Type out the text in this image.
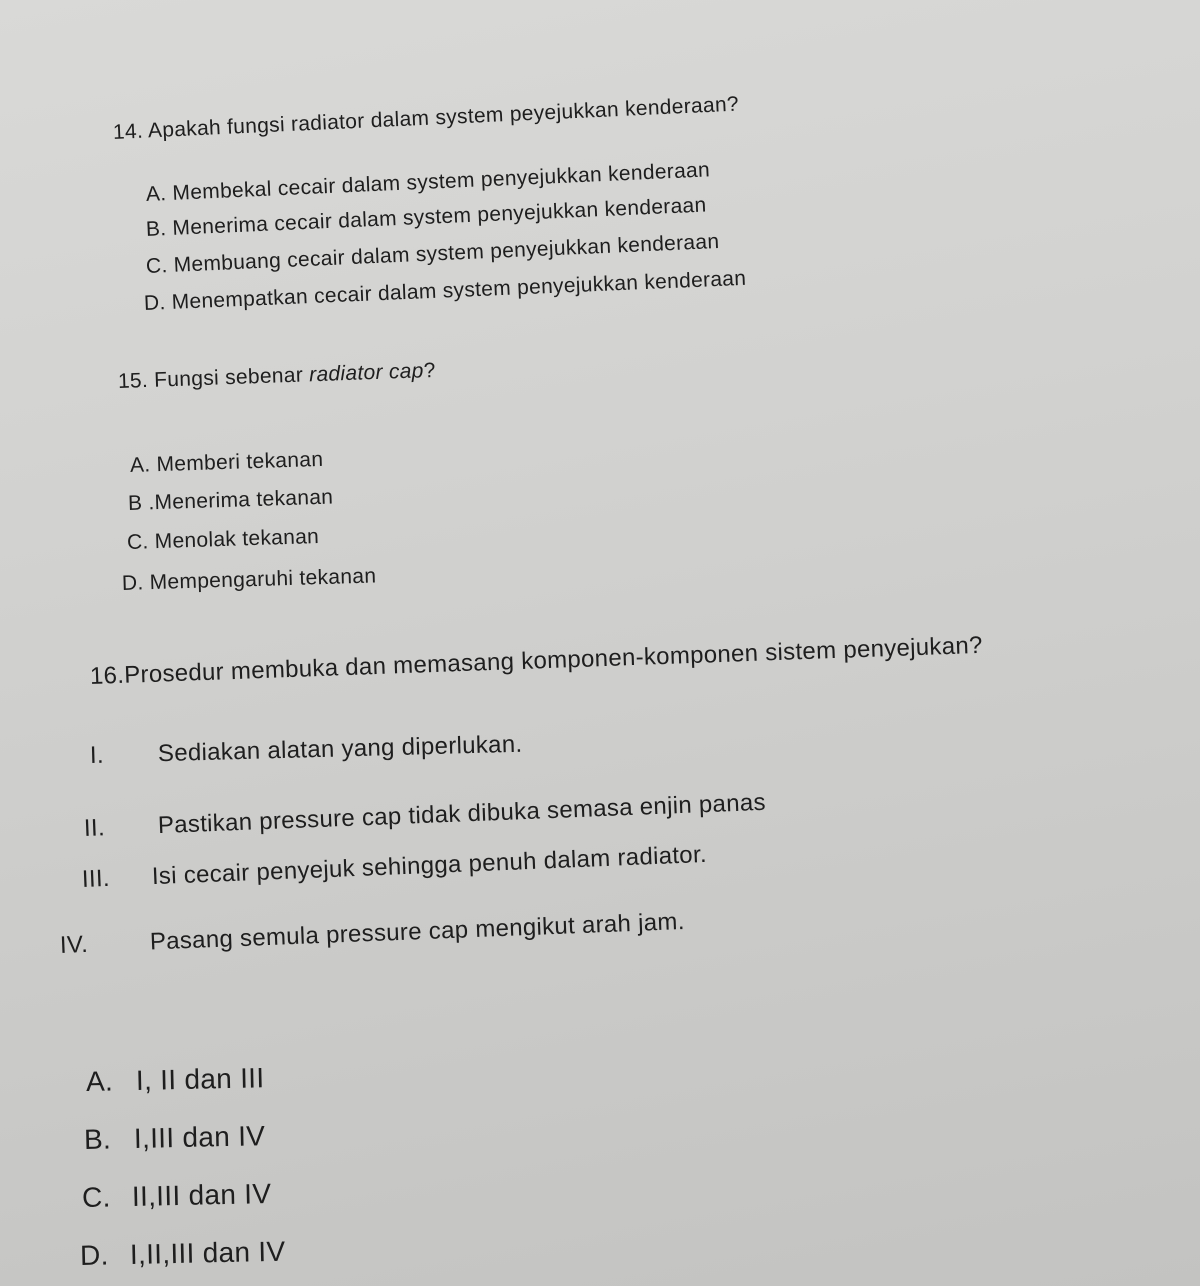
14. Apakah fungsi radiator dalam system peyejukkan kenderaan?
A. Membekal cecair dalam system penyejukkan kenderaan
B. Menerima cecair dalam system penyejukkan kenderaan
C. Membuang cecair dalam system penyejukkan kenderaan
D. Menempatkan cecair dalam system penyejukkan kenderaan
15. Fungsi sebenar radiator cap?
A. Memberi tekanan
B .Menerima tekanan
C. Menolak tekanan
D. Mempengaruhi tekanan
16.Prosedur membuka dan memasang komponen-komponen sistem penyejukan?
I. Sediakan alatan yang diperlukan.
II. Pastikan pressure cap tidak dibuka semasa enjin panas
III. Isi cecair penyejuk sehingga penuh dalam radiator.
IV.	Pasang semula pressure cap mengikut arah jam.
A. I, II dan III
B. I,III dan IV
C. II,III dan IV
D. I,II,III dan IV
